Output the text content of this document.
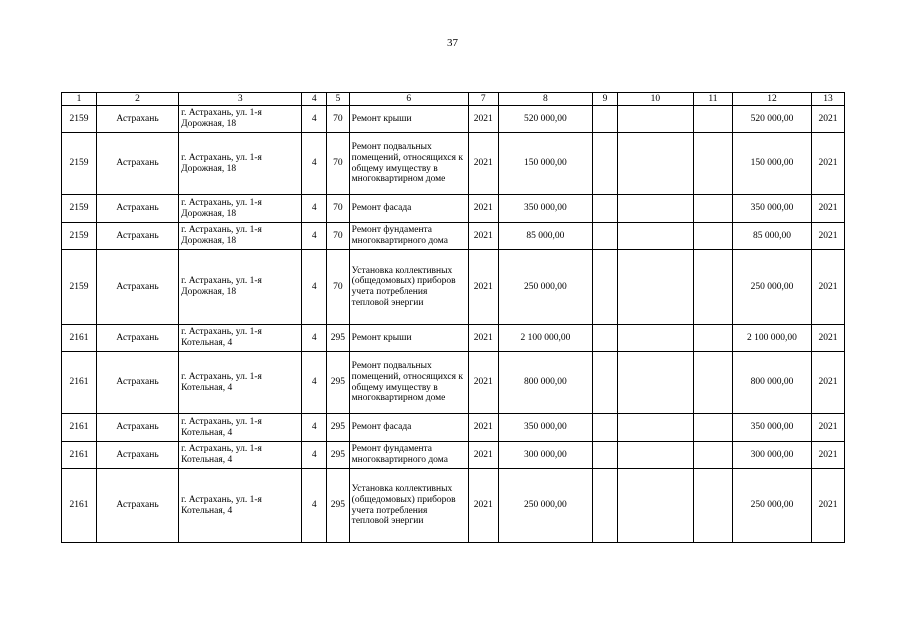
37
1	2	3	4	5	6	7	8	9	10	11	12	13
2159	Астрахань	г. Астрахань, ул. 1-я Дорожная, 18	4	70	Ремонт крыши	2021	520 000,00				520 000,00	2021
2159	Астрахань	г. Астрахань, ул. 1-я Дорожная, 18	4	70	Ремонт подвальных помещений, относящихся к общему имуществу в многоквартирном доме	2021	150 000,00				150 000,00	2021
2159	Астрахань	г. Астрахань, ул. 1-я Дорожная, 18	4	70	Ремонт фасада	2021	350 000,00				350 000,00	2021
2159	Астрахань	г. Астрахань, ул. 1-я Дорожная, 18	4	70	Ремонт фундамента многоквартирного дома	2021	85 000,00				85 000,00	2021
2159	Астрахань	г. Астрахань, ул. 1-я Дорожная, 18	4	70	Установка коллективных (общедомовых) приборов учета потребления тепловой энергии	2021	250 000,00				250 000,00	2021
2161	Астрахань	г. Астрахань, ул. 1-я Котельная, 4	4	295	Ремонт крыши	2021	2 100 000,00				2 100 000,00	2021
2161	Астрахань	г. Астрахань, ул. 1-я Котельная, 4	4	295	Ремонт подвальных помещений, относящихся к общему имуществу в многоквартирном доме	2021	800 000,00				800 000,00	2021
2161	Астрахань	г. Астрахань, ул. 1-я Котельная, 4	4	295	Ремонт фасада	2021	350 000,00				350 000,00	2021
2161	Астрахань	г. Астрахань, ул. 1-я Котельная, 4	4	295	Ремонт фундамента многоквартирного дома	2021	300 000,00				300 000,00	2021
2161	Астрахань	г. Астрахань, ул. 1-я Котельная, 4	4	295	Установка коллективных (общедомовых) приборов учета потребления тепловой энергии	2021	250 000,00				250 000,00	2021
